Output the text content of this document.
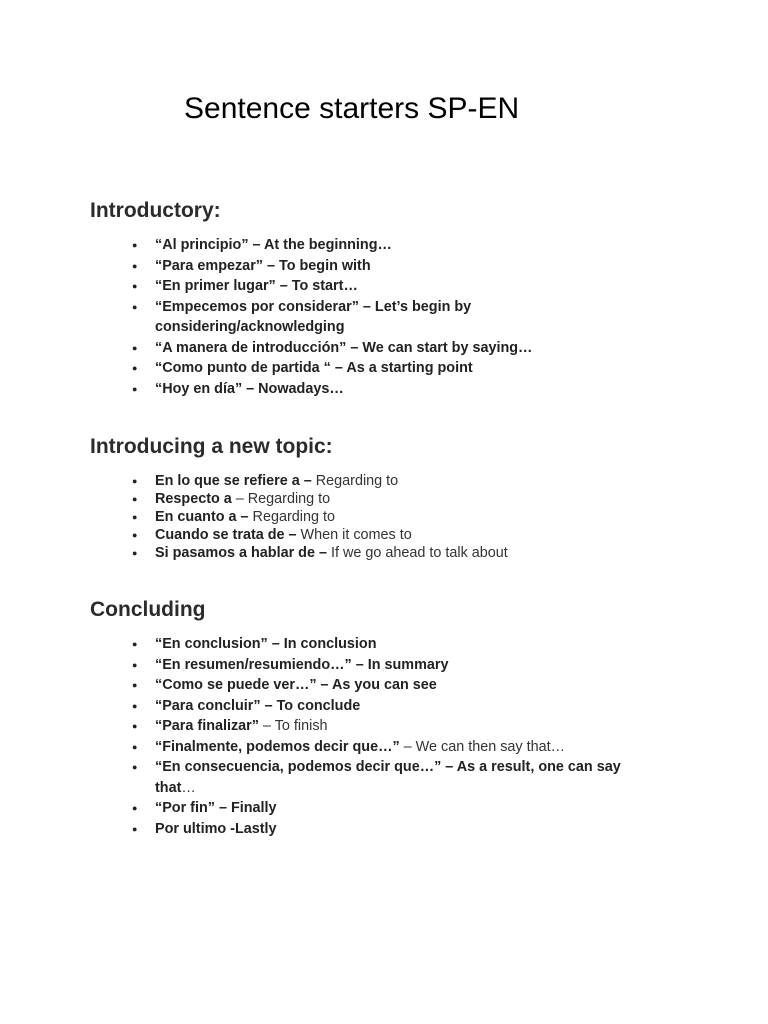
Sentence starters SP-EN
Introductory:
● “Al principio” – At the beginning…
● “Para empezar” – To begin with
● “En primer lugar” – To start…
● “Empecemos por considerar” – Let’s begin by considering/acknowledging
● “A manera de introducción” – We can start by saying…
● “Como punto de partida “ – As a starting point
● “Hoy en día” – Nowadays…
Introducing a new topic:
● En lo que se refiere a – Regarding to
● Respecto a – Regarding to
● En cuanto a – Regarding to
● Cuando se trata de – When it comes to
● Si pasamos a hablar de – If we go ahead to talk about
Concluding
● “En conclusion” – In conclusion
● “En resumen/resumiendo…” – In summary
● “Como se puede ver…” – As you can see
● “Para concluir” – To conclude
● “Para finalizar” – To finish
● “Finalmente, podemos decir que…” – We can then say that…
● “En consecuencia, podemos decir que…” – As a result, one can say that…
● “Por fin” – Finally
● Por ultimo -Lastly
